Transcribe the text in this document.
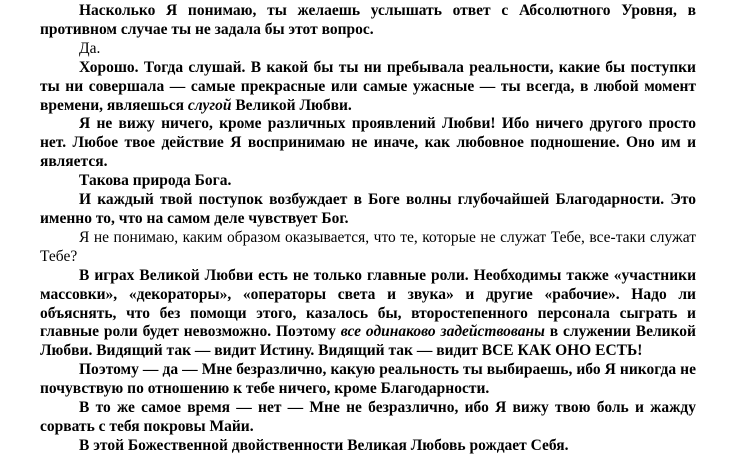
Насколько Я понимаю, ты желаешь услышать ответ с Абсолютного Уровня, в противном случае ты не задала бы этот вопрос.

Да.

Хорошо. Тогда слушай. В какой бы ты ни пребывала реальности, какие бы поступки ты ни совершала — самые прекрасные или самые ужасные — ты всегда, в любой момент времени, являешься слугой Великой Любви.

Я не вижу ничего, кроме различных проявлений Любви! Ибо ничего другого просто нет. Любое твое действие Я воспринимаю не иначе, как любовное подношение. Оно им и является.

Такова природа Бога.

И каждый твой поступок возбуждает в Боге волны глубочайшей Благодарности. Это именно то, что на самом деле чувствует Бог.

Я не понимаю, каким образом оказывается, что те, которые не служат Тебе, все-таки служат Тебе?

В играх Великой Любви есть не только главные роли. Необходимы также «участники массовки», «декораторы», «операторы света и звука» и другие «рабочие». Надо ли объяснять, что без помощи этого, казалось бы, второстепенного персонала сыграть и главные роли будет невозможно. Поэтому все одинаково задействованы в служении Великой Любви. Видящий так — видит Истину. Видящий так — видит ВСЕ КАК ОНО ЕСТЬ!

Поэтому — да — Мне безразлично, какую реальность ты выбираешь, ибо Я никогда не почувствую по отношению к тебе ничего, кроме Благодарности.

В то же самое время — нет — Мне не безразлично, ибо Я вижу твою боль и жажду сорвать с тебя покровы Майи.

В этой Божественной двойственности Великая Любовь рождает Себя.
